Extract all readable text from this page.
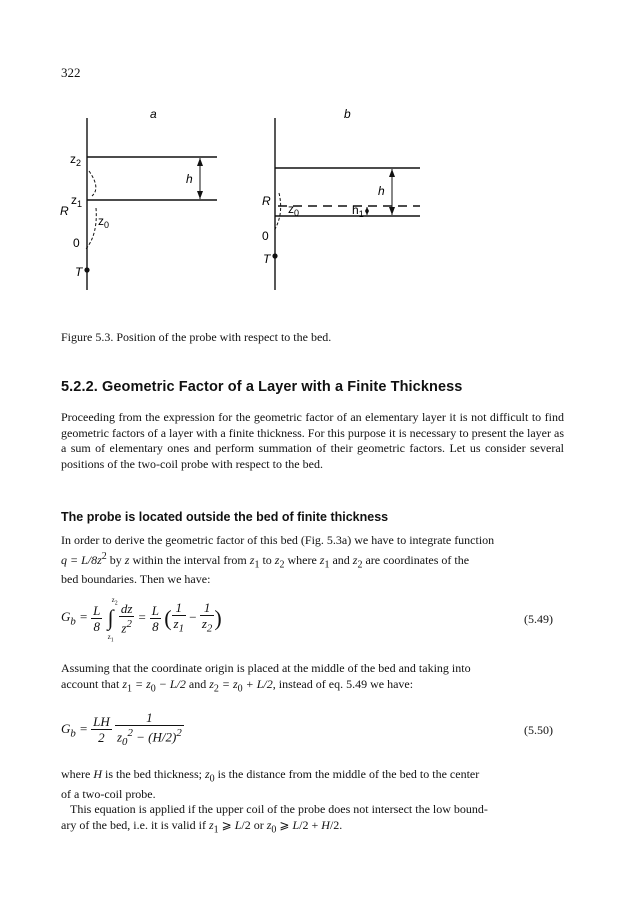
322
a
h
$z_2$
$z_1$
R
$z_0$
0
T
b
h
$h_1$
R
$z_0$
0
T
Figure 5.3. Position of the probe with respect to the bed.
5.2.2. Geometric Factor of a Layer with a Finite Thickness
Proceeding from the expression for the geometric factor of an elementary layer it is not difficult to find geometric factors of a layer with a finite thickness. For this purpose it is necessary to present the layer as a sum of elementary ones and perform summation of their geometric factors. Let us consider several positions of the two-coil probe with respect to the bed.
The probe is located outside the bed of finite thickness
In order to derive the geometric factor of this bed (Fig. 5.3a) we have to integrate function
$q = L/8z^2$ by z within the interval from $z_1$ to $z_2$ where $z_1$ and $z_2$ are coordinates of the
bed boundaries. Then we have:
$G_b = \frac{L}{8}$ ∫
$z_2$
$z_1$

$\frac{dz}{z^2} = \frac{L}{8}$ ( $\frac{1}{z_1} - \frac{1}{z_2}$ )	(5.49)
Assuming that the coordinate origin is placed at the middle of the bed and taking into
account that $z_1 = z_0 - L/2$ and $z_2 = z_0 + L/2$, instead of eq. 5.49 we have:
$G_b = \frac{LH}{2}$
$\frac{1}{z_0^2 - (H/2)^2}$	(5.50)
where H is the bed thickness; $z_0$ is the distance from the middle of the bed to the center
of a two-coil probe.
This equation is applied if the upper coil of the probe does not intersect the low bound-
ary of the bed, i.e. it is valid if $z_1$ ⩾ L/2 or $z_0$ ⩾ L/2 + H/2.
